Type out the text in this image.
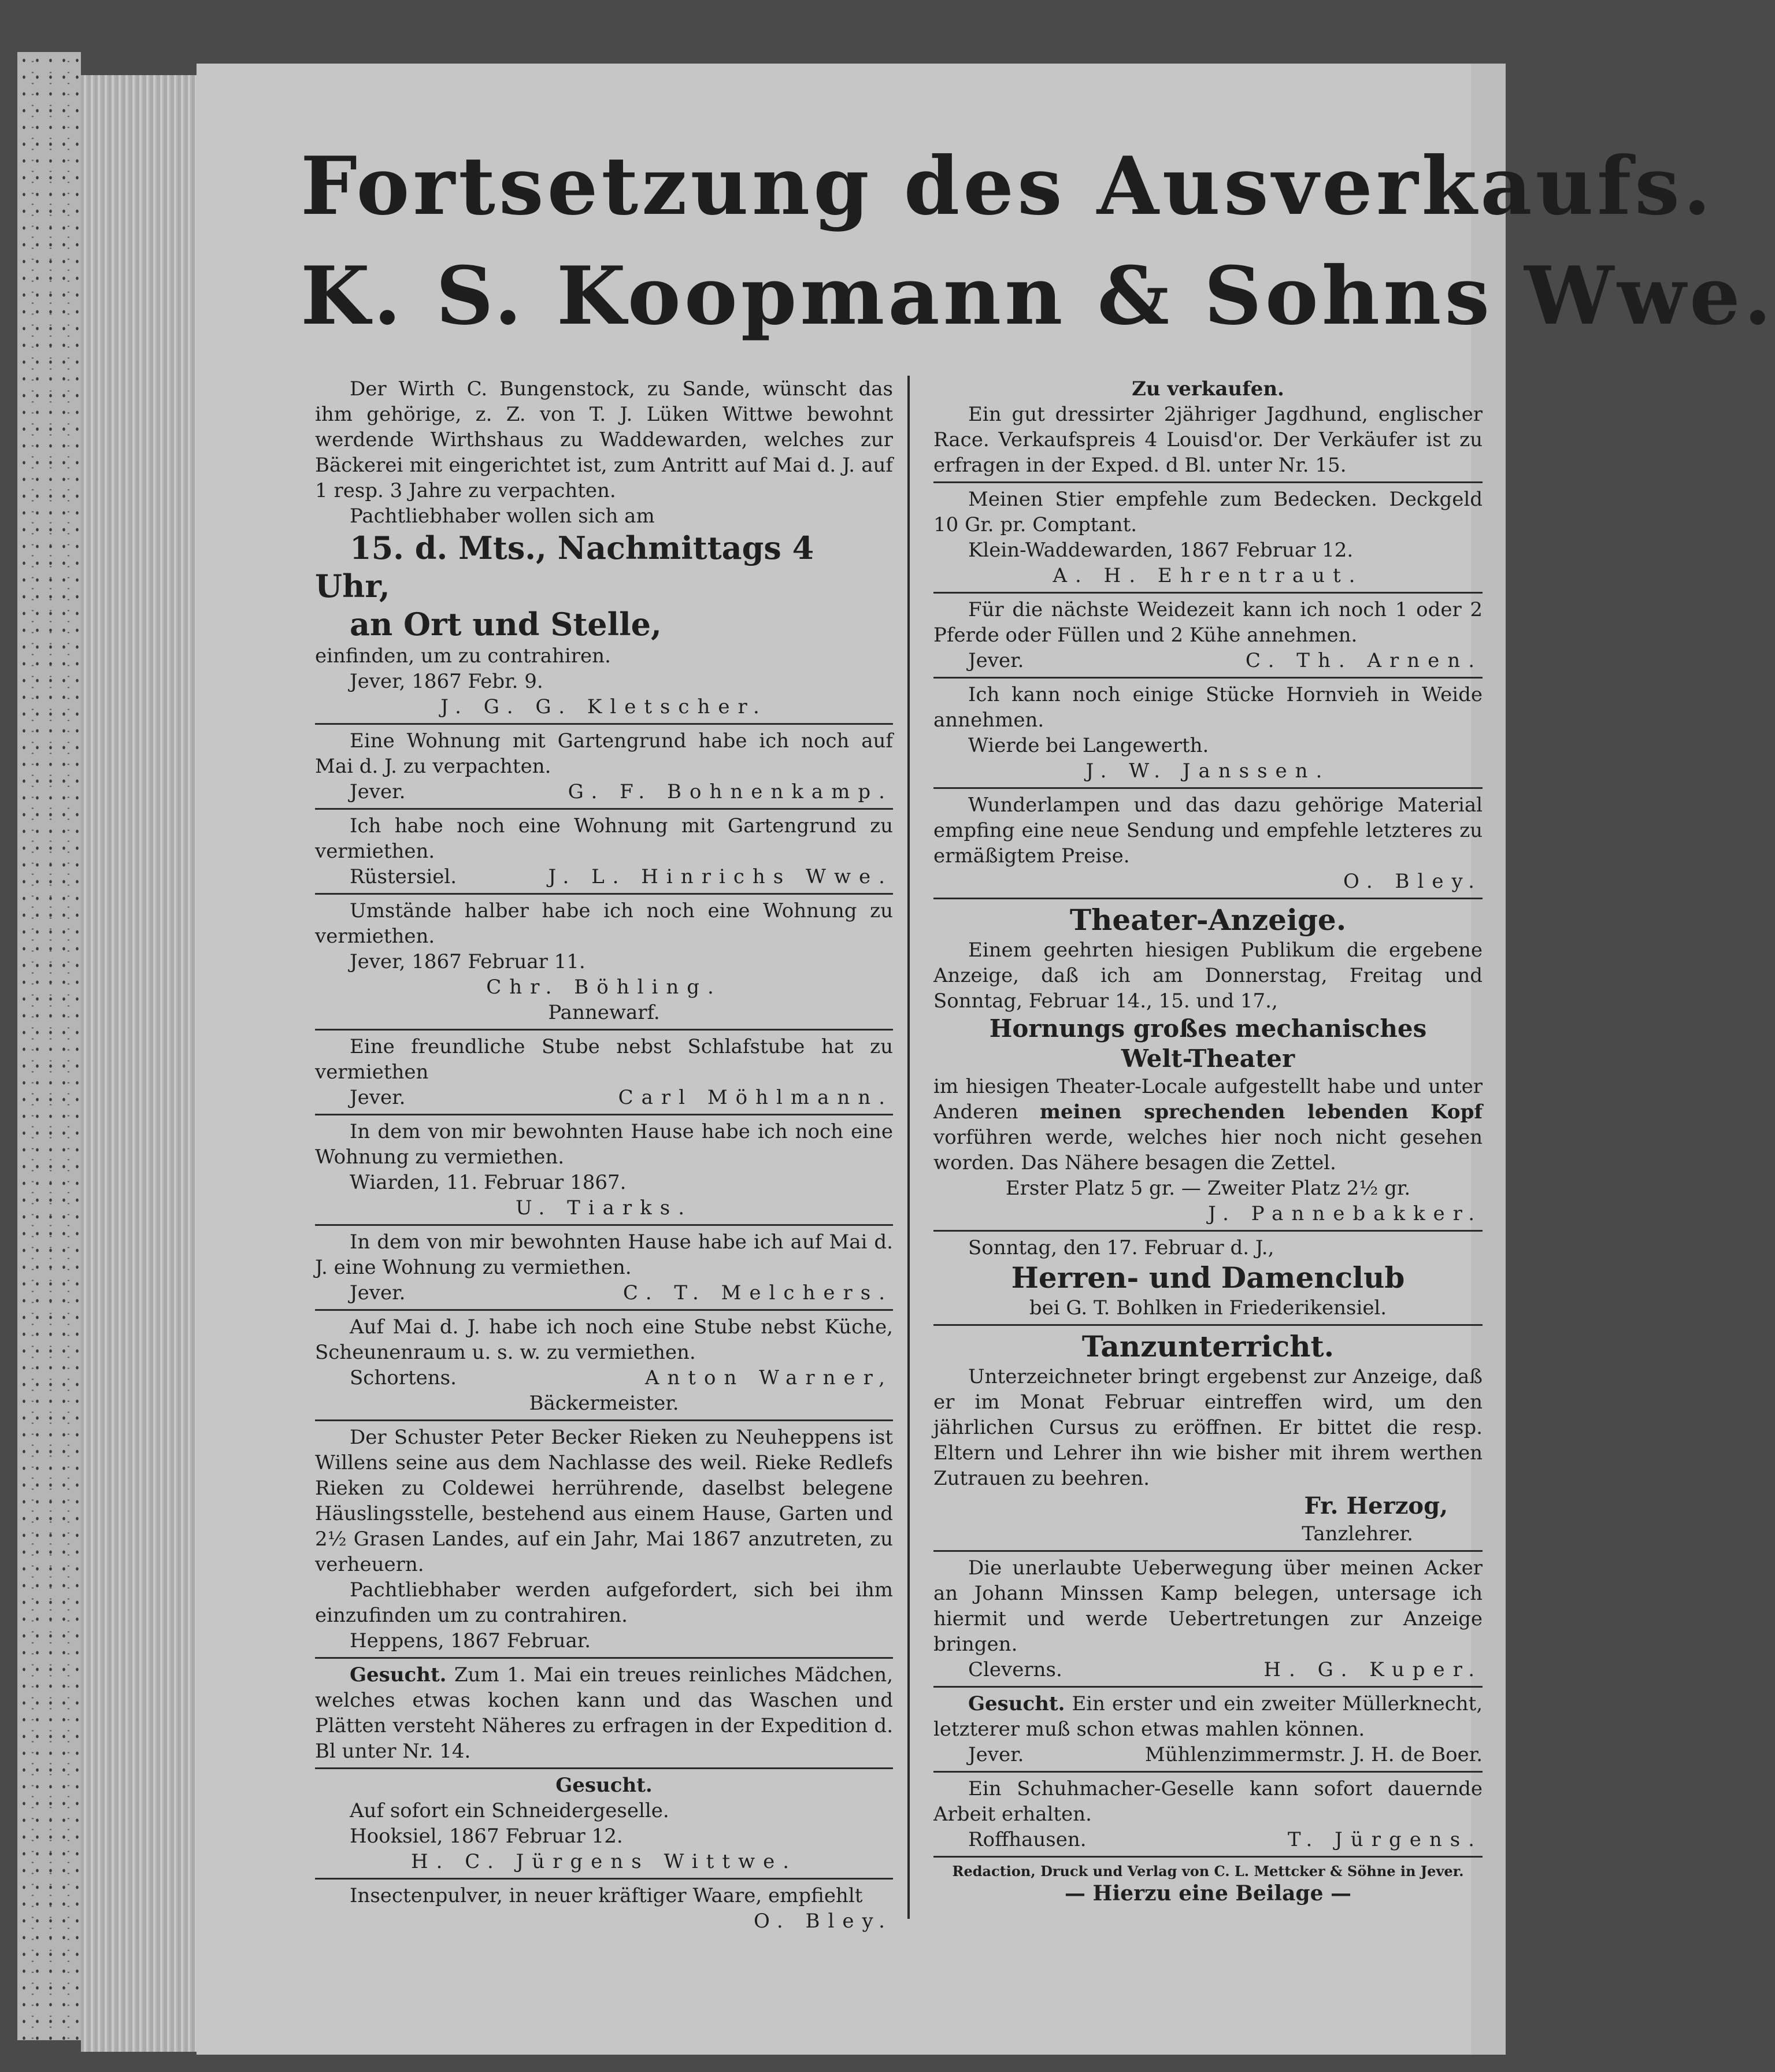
Fortsetzung des Ausverkaufs.
K. S. Koopmann & Sohns Wwe.

Der Wirth C. Bungenstock, zu Sande, wünscht das ihm gehörige, z. Z. von T. J. Lüken Wittwe bewohnt werdende Wirthshaus zu Waddewarden, welches zur Bäckerei mit eingerichtet ist, zum Antritt auf Mai d. J. auf 1 resp. 3 Jahre zu verpachten.

Pachtliebhaber wollen sich am

15. d. Mts., Nachmittags 4 Uhr,

an Ort und Stelle,

einfinden, um zu contrahiren.

Jever, 1867 Febr. 9.

J. G. G. Kletscher.

Eine Wohnung mit Gartengrund habe ich noch auf Mai d. J. zu verpachten.

Jever.	G. F. Bohnenkamp.

Ich habe noch eine Wohnung mit Gartengrund zu vermiethen.

Rüstersiel.	J. L. Hinrichs Wwe.

Umstände halber habe ich noch eine Wohnung zu vermiethen.

Jever, 1867 Februar 11.

Chr. Böhling.

Pannewarf.

Eine freundliche Stube nebst Schlafstube hat zu vermiethen

Jever.	Carl Möhlmann.

In dem von mir bewohnten Hause habe ich noch eine Wohnung zu vermiethen.

Wiarden, 11. Februar 1867.

U. Tiarks.

In dem von mir bewohnten Hause habe ich auf Mai d. J. eine Wohnung zu vermiethen.

Jever.	C. T. Melchers.

Auf Mai d. J. habe ich noch eine Stube nebst Küche, Scheunenraum u. s. w. zu vermiethen.

Schortens.	Anton Warner,

Bäckermeister.

Der Schuster Peter Becker Rieken zu Neuheppens ist Willens seine aus dem Nachlasse des weil. Rieke Redlefs Rieken zu Coldewei herrührende, daselbst belegene Häuslingsstelle, bestehend aus einem Hause, Garten und 2½ Grasen Landes, auf ein Jahr, Mai 1867 anzutreten, zu verheuern.

Pachtliebhaber werden aufgefordert, sich bei ihm einzufinden um zu contrahiren.

Heppens, 1867 Februar.

Gesucht. Zum 1. Mai ein treues reinliches Mädchen, welches etwas kochen kann und das Waschen und Plätten versteht Näheres zu erfragen in der Expedition d. Bl unter Nr. 14.

Gesucht.

Auf sofort ein Schneidergeselle.

Hooksiel, 1867 Februar 12.

H. C. Jürgens Wittwe.

Insectenpulver, in neuer kräftiger Waare, empfiehlt

O. Bley.

Zu verkaufen.

Ein gut dressirter 2jähriger Jagdhund, englischer Race. Verkaufspreis 4 Louisd'or. Der Verkäufer ist zu erfragen in der Exped. d Bl. unter Nr. 15.

Meinen Stier empfehle zum Bedecken. Deckgeld 10 Gr. pr. Comptant.

Klein-Waddewarden, 1867 Februar 12.

A. H. Ehrentraut.

Für die nächste Weidezeit kann ich noch 1 oder 2 Pferde oder Füllen und 2 Kühe annehmen.

Jever.	C. Th. Arnen.

Ich kann noch einige Stücke Hornvieh in Weide annehmen.

Wierde bei Langewerth.

J. W. Janssen.

Wunderlampen und das dazu gehörige Material empfing eine neue Sendung und empfehle letzteres zu ermäßigtem Preise.

O. Bley.

Theater-Anzeige.

Einem geehrten hiesigen Publikum die ergebene Anzeige, daß ich am Donnerstag, Freitag und Sonntag, Februar 14., 15. und 17.,

Hornungs großes mechanisches

Welt-Theater

im hiesigen Theater-Locale aufgestellt habe und unter Anderen meinen sprechenden lebenden Kopf vorführen werde, welches hier noch nicht gesehen worden. Das Nähere besagen die Zettel.

Erster Platz 5 gr. — Zweiter Platz 2½ gr.

J. Pannebakker.

Sonntag, den 17. Februar d. J.,

Herren- und Damenclub

bei G. T. Bohlken in Friederikensiel.

Tanzunterricht.

Unterzeichneter bringt ergebenst zur Anzeige, daß er im Monat Februar eintreffen wird, um den jährlichen Cursus zu eröffnen. Er bittet die resp. Eltern und Lehrer ihn wie bisher mit ihrem werthen Zutrauen zu beehren.

Fr. Herzog,

Tanzlehrer.

Die unerlaubte Ueberwegung über meinen Acker an Johann Minssen Kamp belegen, untersage ich hiermit und werde Uebertretungen zur Anzeige bringen.

Cleverns.	H. G. Kuper.

Gesucht. Ein erster und ein zweiter Müllerknecht, letzterer muß schon etwas mahlen können.

Jever.	Mühlenzimmermstr. J. H. de Boer.

Ein Schuhmacher-Geselle kann sofort dauernde Arbeit erhalten.

Roffhausen.	T. Jürgens.

Redaction, Druck und Verlag von C. L. Mettcker & Söhne in Jever.

— Hierzu eine Beilage —
